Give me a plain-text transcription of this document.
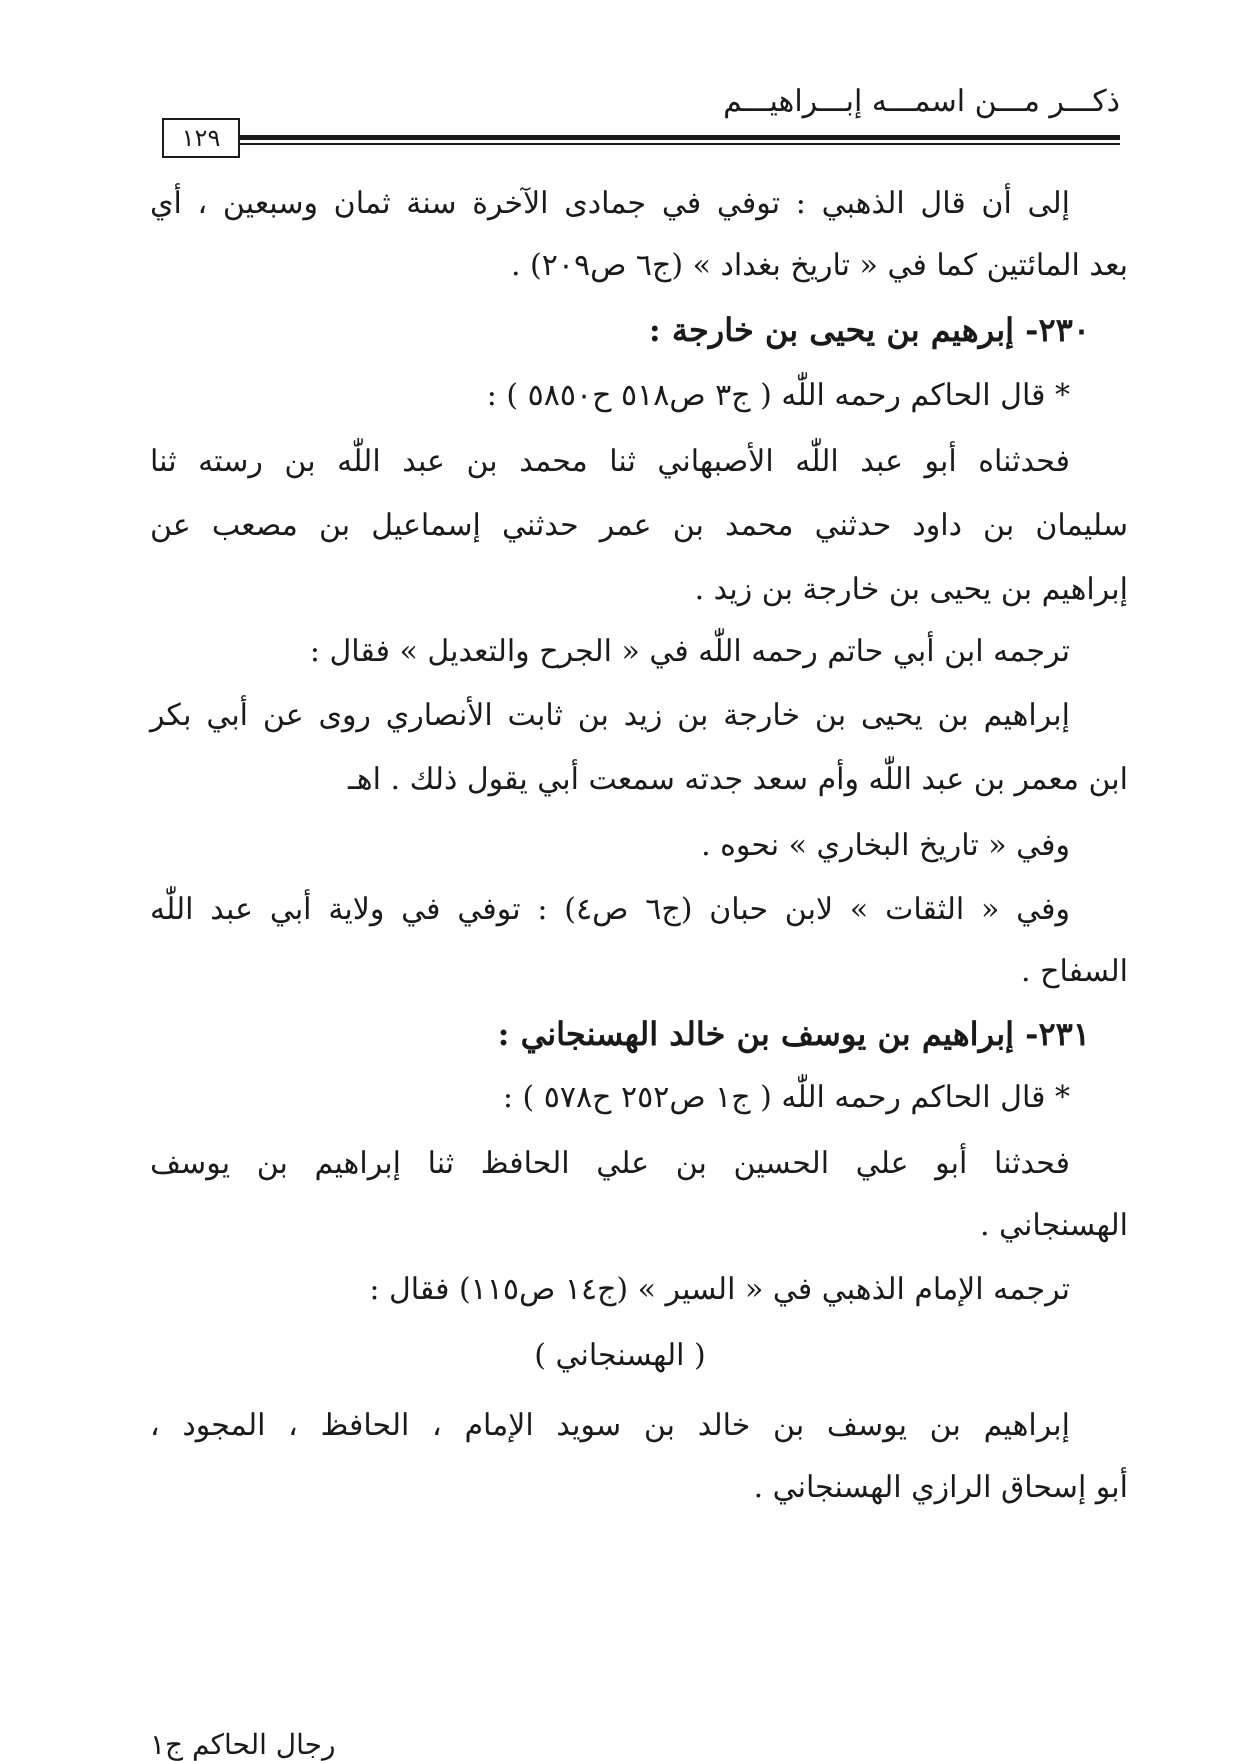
ذكـــر مـــن اسمـــه إبـــراهيـــم
١٢٩
إلى أن قال الذهبي : توفي في جمادى الآخرة سنة ثمان وسبعين ، أي
بعد المائتين كما في « تاريخ بغداد » (ج٦ ص٢٠٩) .
٢٣٠- إبرهيم بن يحيى بن خارجة :
* قال الحاكم رحمه اللّٰه ( ج٣ ص٥١٨ ح٥٨٥٠ ) :
فحدثناه أبو عبد اللّٰه الأصبهاني ثنا محمد بن عبد اللّٰه بن رسته ثنا
سليمان بن داود حدثني محمد بن عمر حدثني إسماعيل بن مصعب عن
إبراهيم بن يحيى بن خارجة بن زيد .
ترجمه ابن أبي حاتم رحمه اللّٰه في « الجرح والتعديل » فقال :
إبراهيم بن يحيى بن خارجة بن زيد بن ثابت الأنصاري روى عن أبي بكر
ابن معمر بن عبد اللّٰه وأم سعد جدته سمعت أبي يقول ذلك . اهـ
وفي « تاريخ البخاري » نحوه .
وفي « الثقات » لابن حبان (ج٦ ص٤) : توفي في ولاية أبي عبد اللّٰه
السفاح .
٢٣١- إبراهيم بن يوسف بن خالد الهسنجاني :
* قال الحاكم رحمه اللّٰه ( ج١ ص٢٥٢ ح٥٧٨ ) :
فحدثنا أبو علي الحسين بن علي الحافظ ثنا إبراهيم بن يوسف
الهسنجاني .
ترجمه الإمام الذهبي في « السير » (ج١٤ ص١١٥) فقال :
( الهسنجاني )
إبراهيم بن يوسف بن خالد بن سويد الإمام ، الحافظ ، المجود ،
أبو إسحاق الرازي الهسنجاني .
رجال الحاكم ج١
